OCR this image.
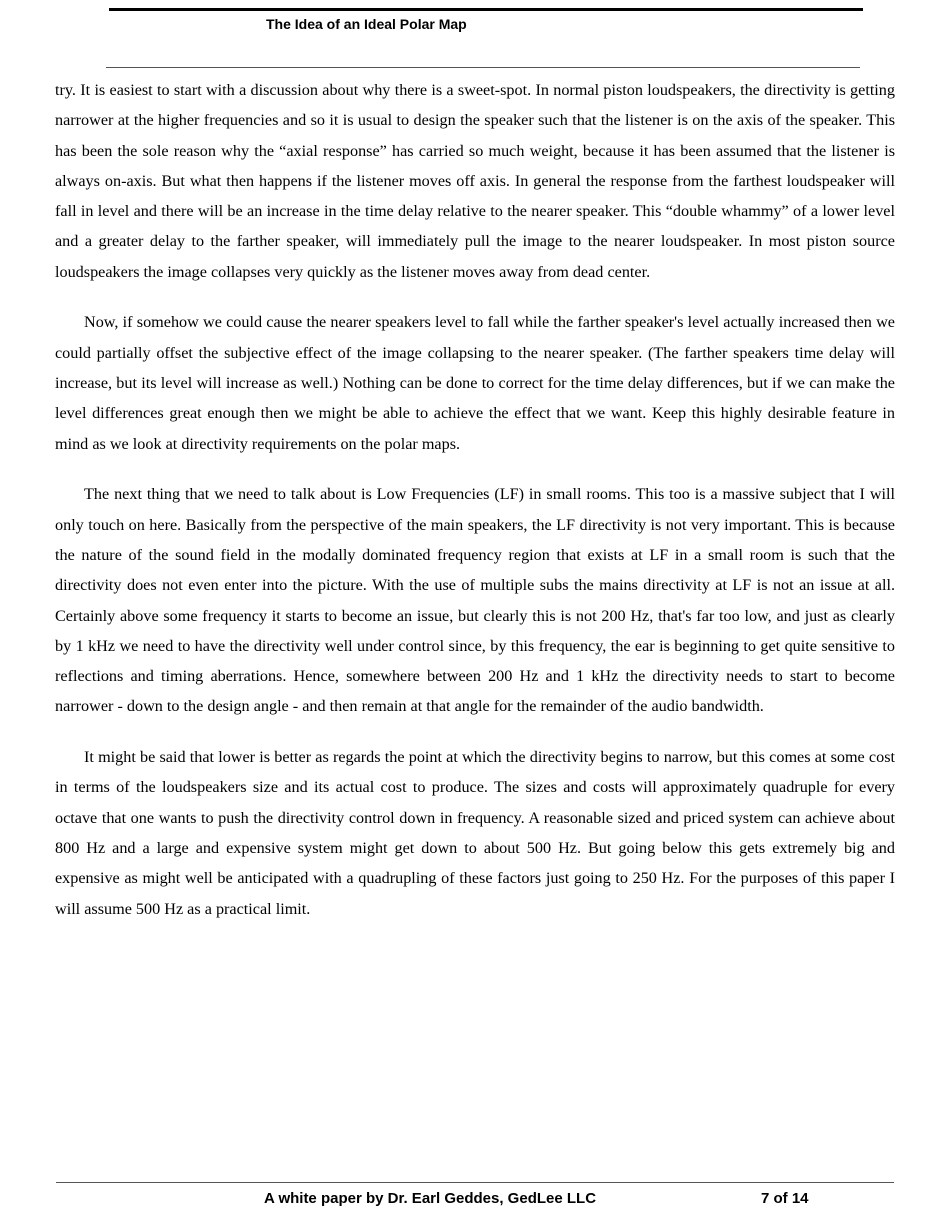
The Idea of an Ideal Polar Map

try. It is easiest to start with a discussion about why there is a sweet-spot. In normal piston loudspeakers, the directivity is getting narrower at the higher frequencies and so it is usual to design the speaker such that the listener is on the axis of the speaker. This has been the sole reason why the “axial response” has carried so much weight, because it has been assumed that the listener is always on-axis. But what then happens if the listener moves off axis. In general the response from the farthest loudspeaker will fall in level and there will be an increase in the time delay relative to the nearer speaker. This “double whammy” of a lower level and a greater delay to the farther speaker, will immediately pull the image to the nearer loudspeaker. In most piston source loudspeakers the image collapses very quickly as the listener moves away from dead center.

Now, if somehow we could cause the nearer speakers level to fall while the farther speaker's level actually increased then we could partially offset the subjective effect of the image collapsing to the nearer speaker. (The farther speakers time delay will increase, but its level will increase as well.) Nothing can be done to correct for the time delay differences, but if we can make the level differences great enough then we might be able to achieve the effect that we want. Keep this highly desirable feature in mind as we look at directivity requirements on the polar maps.

The next thing that we need to talk about is Low Frequencies (LF) in small rooms. This too is a massive subject that I will only touch on here. Basically from the perspective of the main speakers, the LF directivity is not very important. This is because the nature of the sound field in the modally dominated frequency region that exists at LF in a small room is such that the directivity does not even enter into the picture. With the use of multiple subs the mains directivity at LF is not an issue at all. Certainly above some frequency it starts to become an issue, but clearly this is not 200 Hz, that's far too low, and just as clearly by 1 kHz we need to have the directivity well under control since, by this frequency, the ear is beginning to get quite sensitive to reflections and timing aberrations. Hence, somewhere between 200 Hz and 1 kHz the directivity needs to start to become narrower - down to the design angle - and then remain at that angle for the remainder of the audio bandwidth.

It might be said that lower is better as regards the point at which the directivity begins to narrow, but this comes at some cost in terms of the loudspeakers size and its actual cost to produce. The sizes and costs will approximately quadruple for every octave that one wants to push the directivity control down in frequency. A reasonable sized and priced system can achieve about 800 Hz and a large and expensive system might get down to about 500 Hz. But going below this gets extremely big and expensive as might well be anticipated with a quadrupling of these factors just going to 250 Hz. For the purposes of this paper I will assume 500 Hz as a practical limit.

A white paper by Dr. Earl Geddes, GedLee LLC	7 of 14
